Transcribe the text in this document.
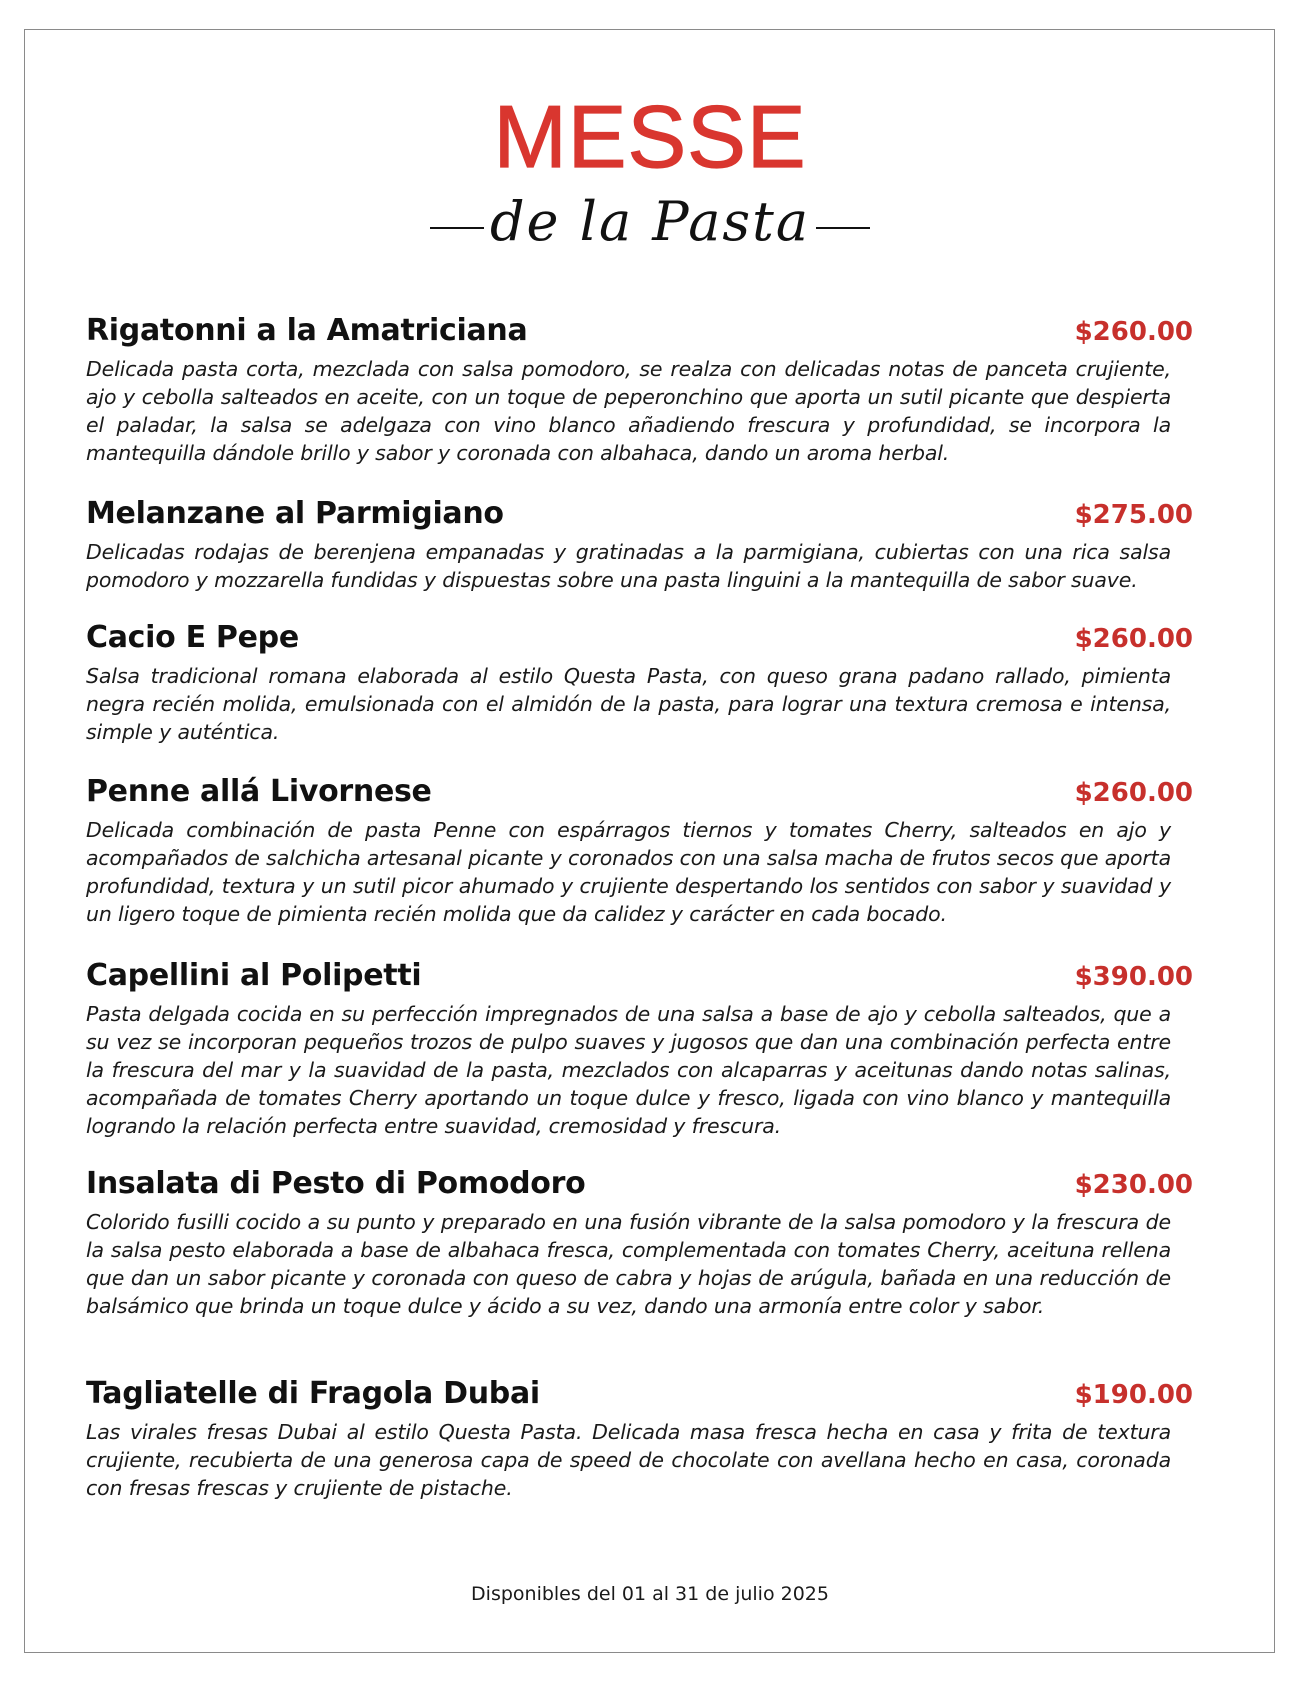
MESSE
de la Pasta
Rigatonni a la Amatriciana	$260.00

Delicada pasta corta, mezclada con salsa pomodoro, se realza con delicadas notas de panceta crujiente, ajo y cebolla salteados en aceite, con un toque de peperonchino que aporta un sutil picante que despierta el paladar, la salsa se adelgaza con vino blanco añadiendo frescura y profundidad, se incorpora la mantequilla dándole brillo y sabor y coronada con albahaca, dando un aroma herbal.

Melanzane al Parmigiano	$275.00

Delicadas rodajas de berenjena empanadas y gratinadas a la parmigiana, cubiertas con una rica salsa pomodoro y mozzarella fundidas y dispuestas sobre una pasta linguini a la mantequilla de sabor suave.

Cacio E Pepe	$260.00

Salsa tradicional romana elaborada al estilo Questa Pasta, con queso grana padano rallado, pimienta negra recién molida, emulsionada con el almidón de la pasta, para lograr una textura cremosa e intensa, simple y auténtica.

Penne allá Livornese	$260.00

Delicada combinación de pasta Penne con espárragos tiernos y tomates Cherry, salteados en ajo y acompañados de salchicha artesanal picante y coronados con una salsa macha de frutos secos que aporta profundidad, textura y un sutil picor ahumado y crujiente despertando los sentidos con sabor y suavidad y un ligero toque de pimienta recién molida que da calidez y carácter en cada bocado.

Capellini al Polipetti	$390.00

Pasta delgada cocida en su perfección impregnados de una salsa a base de ajo y cebolla salteados, que a su vez se incorporan pequeños trozos de pulpo suaves y jugosos que dan una combinación perfecta entre la frescura del mar y la suavidad de la pasta, mezclados con alcaparras y aceitunas dando notas salinas, acompañada de tomates Cherry aportando un toque dulce y fresco, ligada con vino blanco y mantequilla logrando la relación perfecta entre suavidad, cremosidad y frescura.

Insalata di Pesto di Pomodoro	$230.00

Colorido fusilli cocido a su punto y preparado en una fusión vibrante de la salsa pomodoro y la frescura de la salsa pesto elaborada a base de albahaca fresca, complementada con tomates Cherry, aceituna rellena que dan un sabor picante y coronada con queso de cabra y hojas de arúgula, bañada en una reducción de balsámico que brinda un toque dulce y ácido a su vez, dando una armonía entre color y sabor.

Tagliatelle di Fragola Dubai	$190.00

Las virales fresas Dubai al estilo Questa Pasta. Delicada masa fresca hecha en casa y frita de textura crujiente, recubierta de una generosa capa de speed de chocolate con avellana hecho en casa, coronada con fresas frescas y crujiente de pistache.

Disponibles del 01 al 31 de julio 2025
